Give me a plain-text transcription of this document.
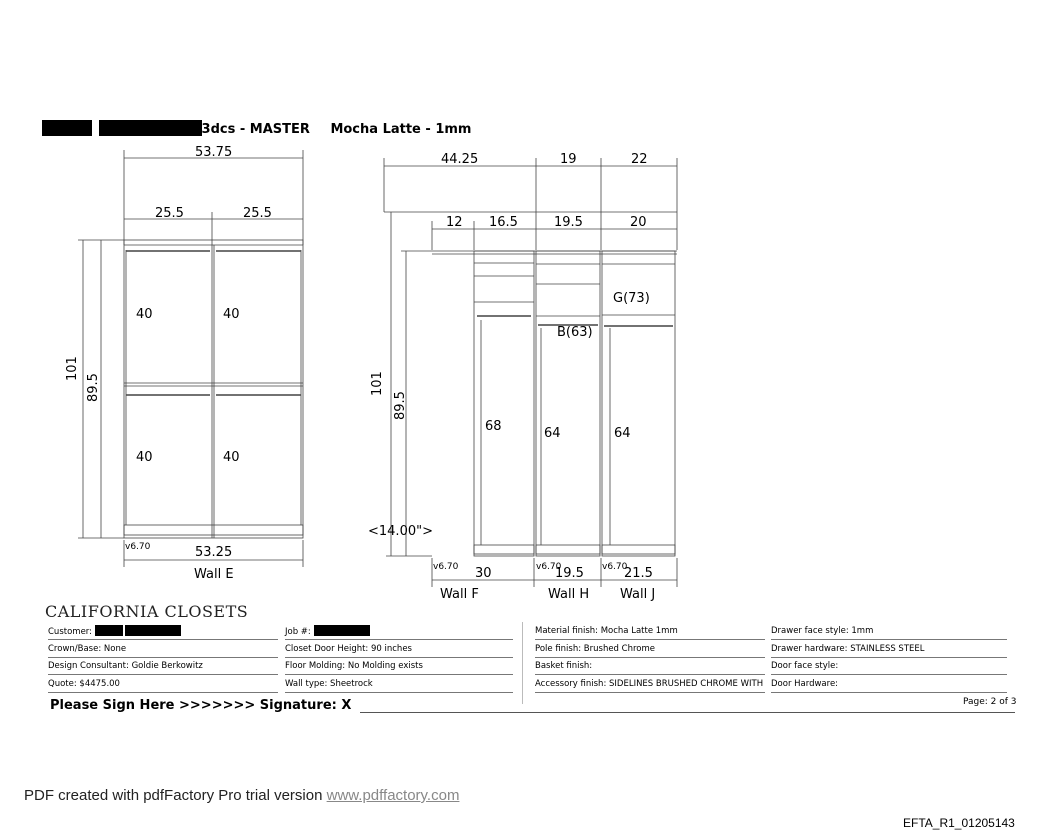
3dcs - MASTER Mocha Latte - 1mm
53.75
25.5	25.5
40	40
40	40
101
89.5
v6.70	53.25
Wall E
44.25	19	22
12 16.5	19.5	20
G(73)
B(63)
68	64	64
101
89.5
<14.00">
v6.70	v6.70	v6.70
30	19.5	21.5
Wall F	Wall H Wall J
CALIFORNIA CLOSETS
Customer:
Crown/Base: None
Design Consultant: Goldie Berkowitz
Quote: $4475.00
Job #:
Closet Door Height: 90 inches
Floor Molding: No Molding exists
Wall type: Sheetrock
Material finish: Mocha Latte 1mm
Pole finish: Brushed Chrome
Basket finish:
Accessory finish: SIDELINES BRUSHED CHROME WITH
Drawer face style: 1mm
Drawer hardware: STAINLESS STEEL
Door face style:
Door Hardware:
Please Sign Here >>>>>>> Signature: X	Page: 2 of 3
PDF created with pdfFactory Pro trial version www.pdffactory.com
EFTA_R1_01205143
